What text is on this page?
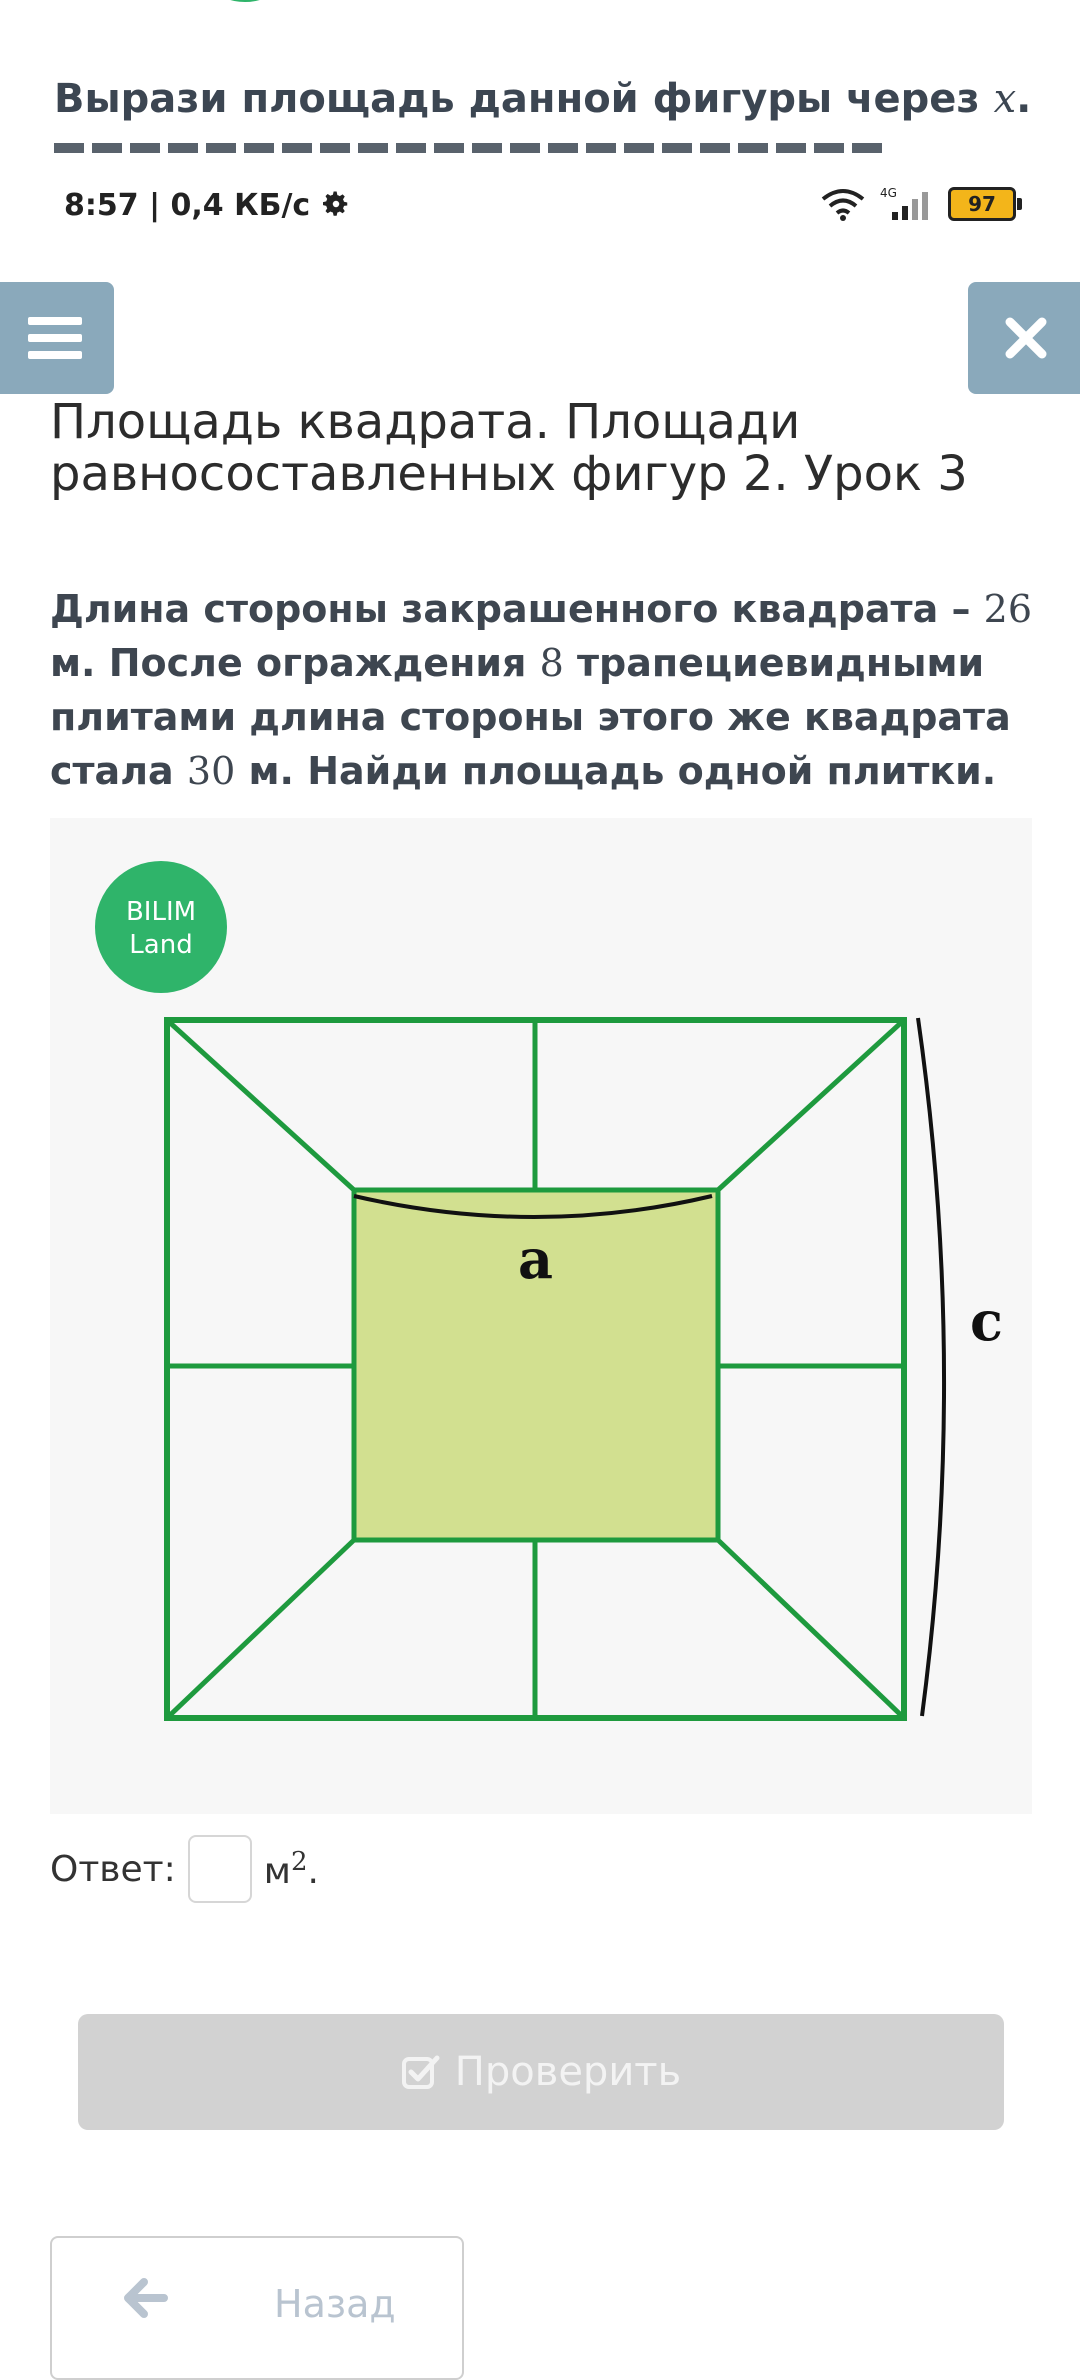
Вырази площадь данной фигуры через x.
8:57 | 0,4 КБ/с	4G	97
Площадь квадрата. Площади равносоставленных фигур 2. Урок 3
Длина стороны закрашенного квадрата – 26 м. После ограждения 8 трапециевидными плитами длина стороны этого же квадрата стала 30 м. Найди площадь одной плитки.
BILIM
Land
a
c
Ответ: $м^2$.
Проверить
Назад
